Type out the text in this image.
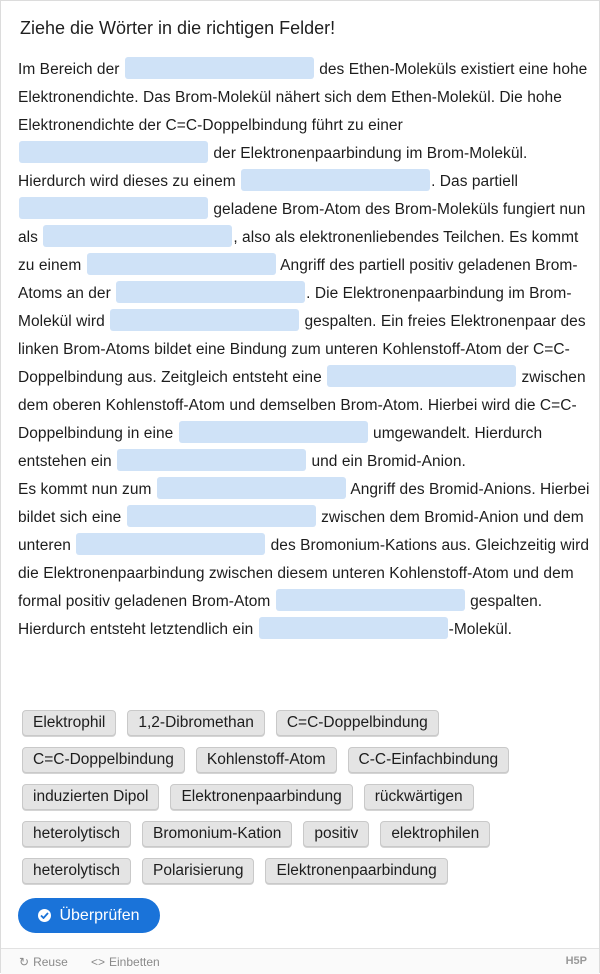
Ziehe die Wörter in die richtigen Felder!
Im Bereich der	des Ethen-Moleküls existiert eine hohe Elektronendichte. Das Brom-Molekül nähert sich dem Ethen-Molekül. Die hohe Elektronendichte der C=C-Doppelbindung führt zu einer  der Elektronenpaarbindung im Brom-Molekül. Hierdurch wird dieses zu einem	. Das partiell  geladene Brom-Atom des Brom-Moleküls fungiert nun als	, also als elektronenliebendes Teilchen. Es kommt zu einem	Angriff des partiell positiv geladenen Brom-Atoms an der	. Die Elektronenpaarbindung im Brom-Molekül wird	gespalten. Ein freies Elektronenpaar des linken Brom-Atoms bildet eine Bindung zum unteren Kohlenstoff-Atom der C=C-Doppelbindung aus. Zeitgleich entsteht eine	zwischen dem oberen Kohlenstoff-Atom und demselben Brom-Atom. Hierbei wird die C=C-Doppelbindung in eine	umgewandelt. Hierdurch entstehen ein	und ein Bromid-Anion.
Es kommt nun zum	Angriff des Bromid-Anions. Hierbei bildet sich eine	zwischen dem Bromid-Anion und dem unteren	des Bromonium-Kations aus. Gleichzeitig wird die Elektronenpaarbindung zwischen diesem unteren Kohlenstoff-Atom und dem formal positiv geladenen Brom-Atom	gespalten. Hierdurch entsteht letztendlich ein	-Molekül.
Elektrophil	1,2-Dibromethan	C=C-Doppelbindung
C=C-Doppelbindung	Kohlenstoff-Atom	C-C-Einfachbindung
induzierten Dipol	Elektronenpaarbindung	rückwärtigen
heterolytisch	Bromonium-Kation	positiv	elektrophilen
heterolytisch	Polarisierung	Elektronenpaarbindung
Überprüfen
↻ Reuse <> Einbetten	H5P
